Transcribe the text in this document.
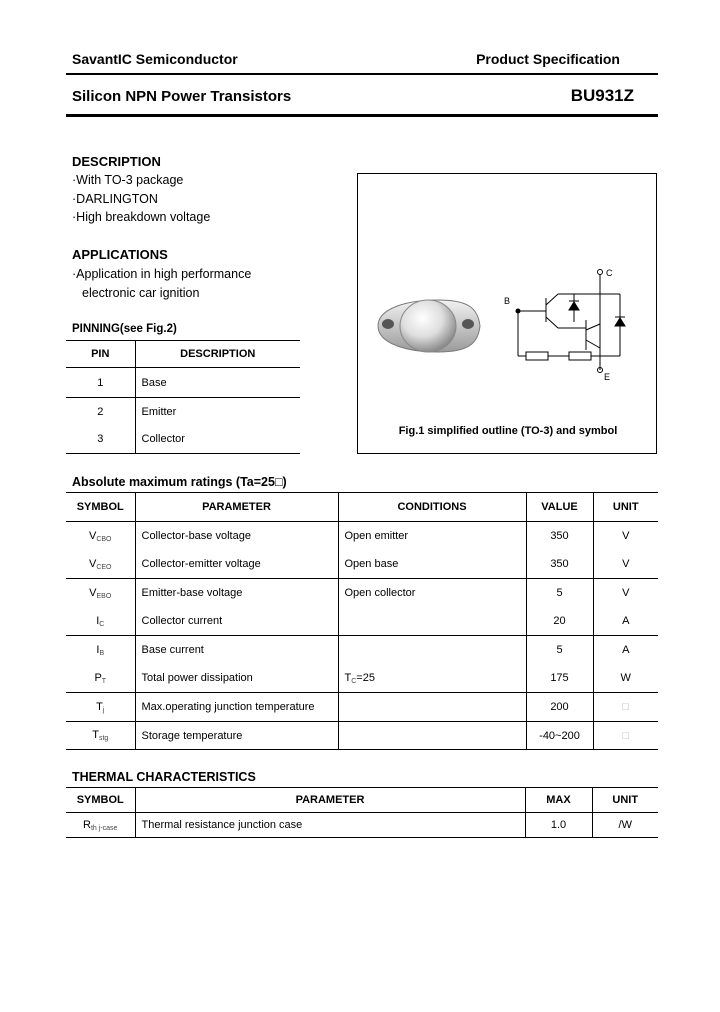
SavantIC Semiconductor	Product Specification
Silicon NPN Power Transistors	BU931Z
DESCRIPTION
·With TO-3 package
·DARLINGTON
·High breakdown voltage
APPLICATIONS
·Application in high performance
electronic car ignition
PINNING(see Fig.2)
PIN	DESCRIPTION
1	Base
2	Emitter
3	Collector
B
C
E
Fig.1 simplified outline (TO-3) and symbol
Absolute maximum ratings (Ta=25□)
SYMBOL	PARAMETER	CONDITIONS	VALUE	UNIT
$V_{CBO}$	Collector-base voltage	Open emitter	350	V
$V_{CEO}$	Collector-emitter voltage	Open base	350	V
$V_{EBO}$	Emitter-base voltage	Open collector	5	V
$I_C$	Collector current		20	A
$I_B$	Base current		5	A
$P_T$	Total power dissipation	$T_C=25$	175	W
$T_j$	Max.operating junction temperature		200	□
$T_{stg}$	Storage temperature		-40~200	□
THERMAL CHARACTERISTICS
SYMBOL	PARAMETER	MAX	UNIT
$R_{th j-case}$	Thermal resistance junction case	1.0	/W
